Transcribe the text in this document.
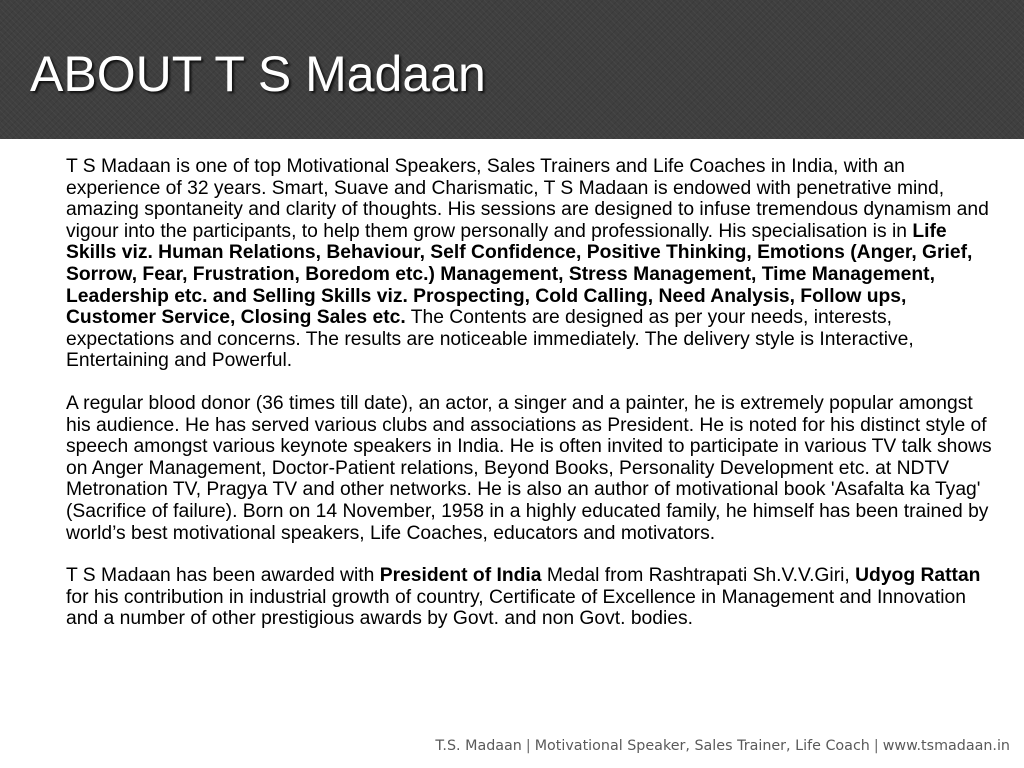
ABOUT T S Madaan

T S Madaan is one of top Motivational Speakers, Sales Trainers and Life Coaches in India, with an experience of 32 years. Smart, Suave and Charismatic, T S Madaan is endowed with penetrative mind, amazing spontaneity and clarity of thoughts. His sessions are designed to infuse tremendous dynamism and vigour into the participants, to help them grow personally and professionally. His specialisation is in Life Skills viz. Human Relations, Behaviour, Self Confidence, Positive Thinking, Emotions (Anger, Grief, Sorrow, Fear, Frustration, Boredom etc.) Management, Stress Management, Time Management, Leadership etc. and Selling Skills viz. Prospecting, Cold Calling, Need Analysis, Follow ups, Customer Service, Closing Sales etc. The Contents are designed as per your needs, interests, expectations and concerns. The results are noticeable immediately. The delivery style is Interactive, Entertaining and Powerful.

A regular blood donor (36 times till date), an actor, a singer and a painter, he is extremely popular amongst his audience. He has served various clubs and associations as President. He is noted for his distinct style of speech amongst various keynote speakers in India. He is often invited to participate in various TV talk shows on Anger Management, Doctor-Patient relations, Beyond Books, Personality Development etc. at NDTV Metronation TV, Pragya TV and other networks. He is also an author of motivational book 'Asafalta ka Tyag' (Sacrifice of failure). Born on 14 November, 1958 in a highly educated family, he himself has been trained by world’s best motivational speakers, Life Coaches, educators and motivators.

T S Madaan has been awarded with President of India Medal from Rashtrapati Sh.V.V.Giri, Udyog Rattan for his contribution in industrial growth of country, Certificate of Excellence in Management and Innovation and a number of other prestigious awards by Govt. and non Govt. bodies.

T.S. Madaan | Motivational Speaker, Sales Trainer, Life Coach | www.tsmadaan.in
